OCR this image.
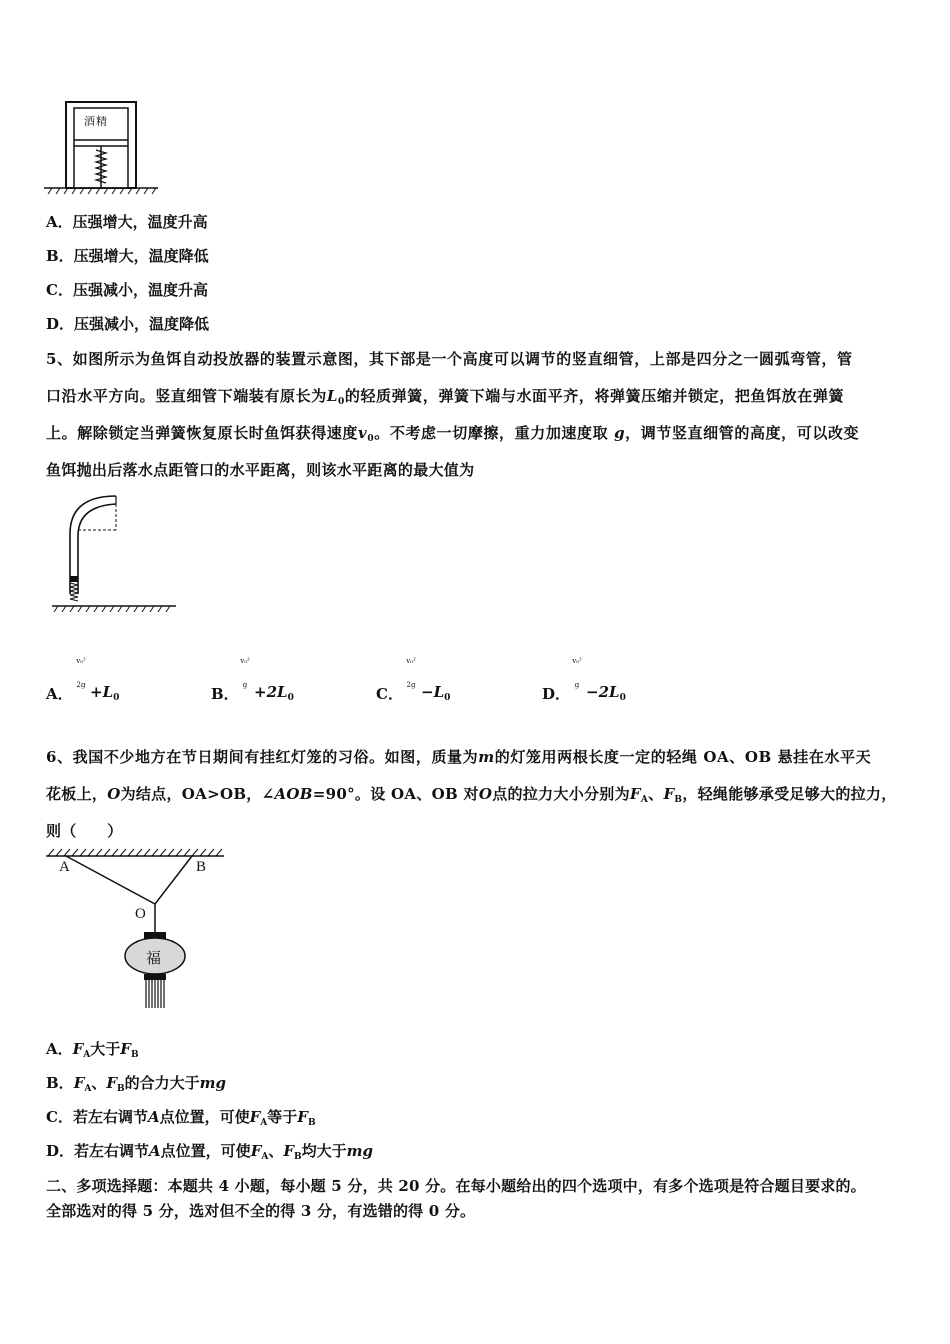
酒精
A．压强增大，温度升高
B．压强增大，温度降低
C．压强减小，温度升高
D．压强减小，温度降低
5、如图所示为鱼饵自动投放器的装置示意图，其下部是一个高度可以调节的竖直细管，上部是四分之一圆弧弯管，管
口沿水平方向。竖直细管下端装有原长为$L_0$的轻质弹簧，弹簧下端与水面平齐，将弹簧压缩并锁定，把鱼饵放在弹簧
上。解除锁定当弹簧恢复原长时鱼饵获得速度$v_0$。不考虑一切摩擦，重力加速度取 g，调节竖直细管的高度，可以改变
鱼饵抛出后落水点距管口的水平距离，则该水平距离的最大值为
A．
v₀²
$2g +L_0$	B．
v₀²
$g +2L_0$	C．
v₀²
$2g -L_0$	D．
v₀²
$g -2L_0$
6、我国不少地方在节日期间有挂红灯笼的习俗。如图，质量为m的灯笼用两根长度一定的轻绳 OA、OB 悬挂在水平天
花板上，O为结点，OA>OB，∠AOB=90°。设 OA、OB 对O点的拉力大小分别为$F_A$、$F_B$，轻绳能够承受足够大的拉力，
则（　　）
A	B
O
福
A．$F_A$大于$F_B$
B．$F_A$、$F_B$的合力大于mg
C．若左右调节A点位置，可使$F_A$等于$F_B$
D．若左右调节A点位置，可使$F_A$、$F_B$均大于mg
二、多项选择题：本题共 4 小题，每小题 5 分，共 20 分。在每小题给出的四个选项中，有多个选项是符合题目要求的。
全部选对的得 5 分，选对但不全的得 3 分，有选错的得 0 分。
